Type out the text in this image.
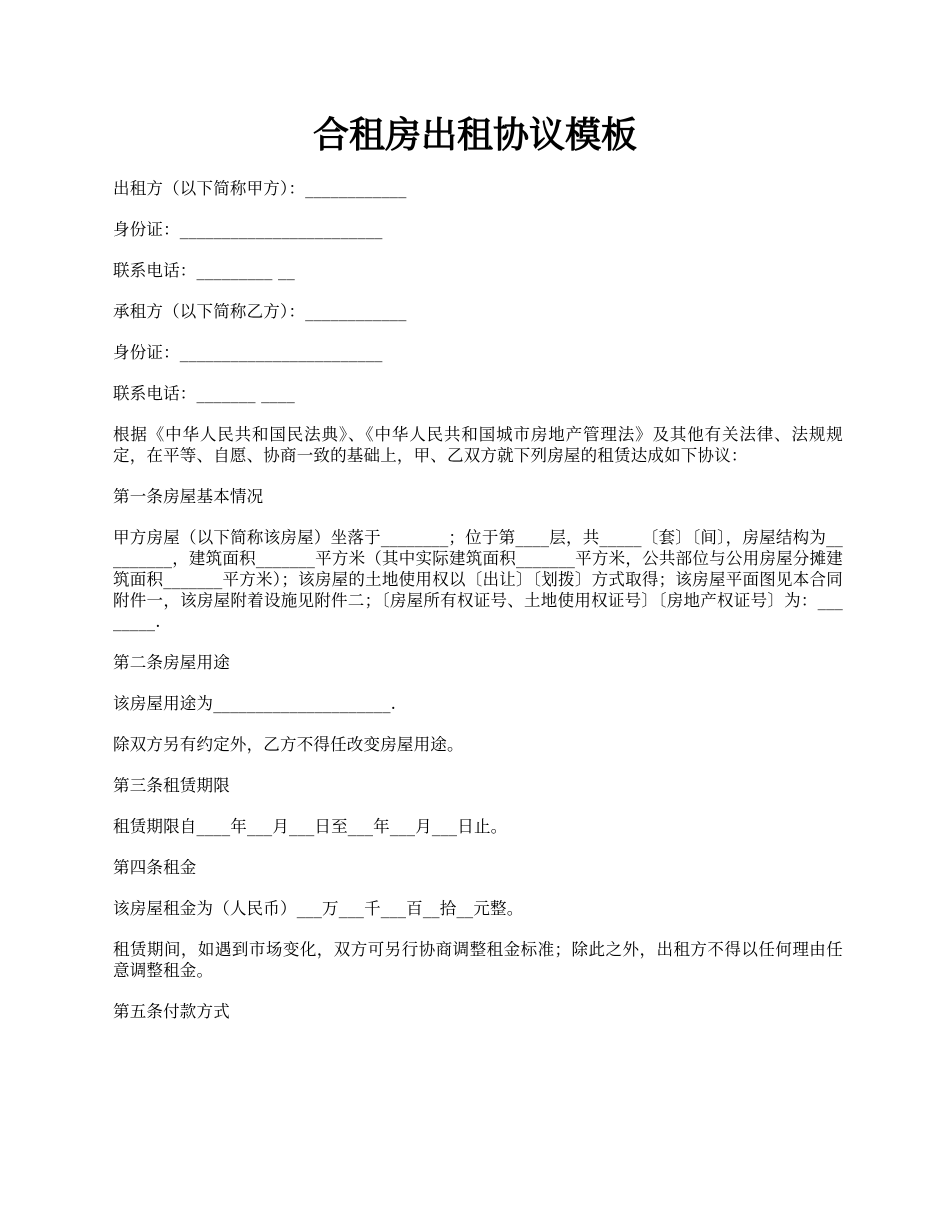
合租房出租协议模板

出租方（以下简称甲方）：____________

身份证：________________________

联系电话：_________ __

承租方（以下简称乙方）：____________

身份证：________________________

联系电话：_______ ____

根据《中华人民共和国民法典》、《中华人民共和国城市房地产管理法》及其他有关法律、法规规定，在平等、自愿、协商一致的基础上，甲、乙双方就下列房屋的租赁达成如下协议：

第一条房屋基本情况

甲方房屋（以下简称该房屋）坐落于________；位于第____层，共_____〔套〕〔间〕，房屋结构为_________，建筑面积_______平方米（其中实际建筑面积_______平方米，公共部位与公用房屋分摊建筑面积_______平方米）；该房屋的土地使用权以〔出让〕〔划拨〕方式取得；该房屋平面图见本合同附件一，该房屋附着设施见附件二；〔房屋所有权证号、土地使用权证号〕〔房地产权证号〕为：________.

第二条房屋用途

该房屋用途为_____________________.

除双方另有约定外，乙方不得任改变房屋用途。

第三条租赁期限

租赁期限自____年___月___日至___年___月___日止。

第四条租金

该房屋租金为（人民币）___万___千___百__拾__元整。

租赁期间，如遇到市场变化，双方可另行协商调整租金标准；除此之外，出租方不得以任何理由任意调整租金。

第五条付款方式
